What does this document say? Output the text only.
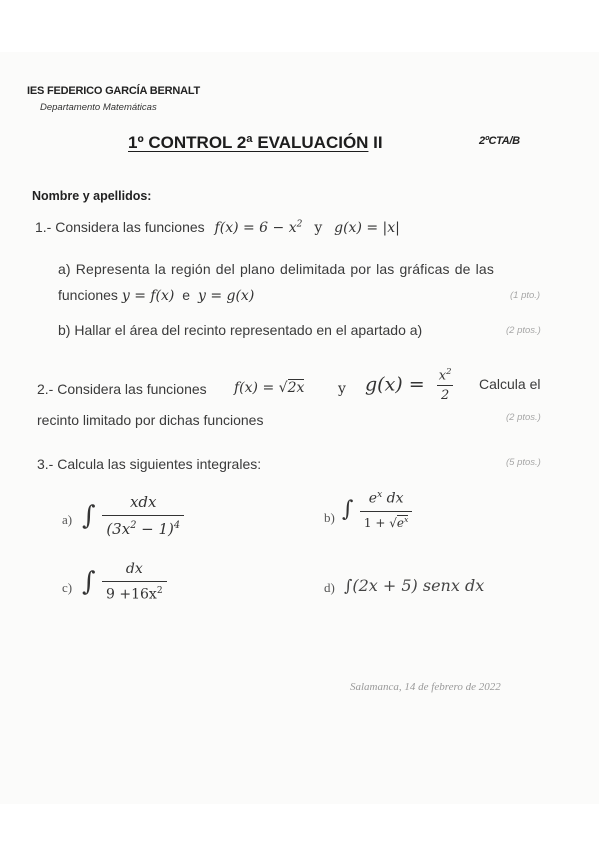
IES FEDERICO GARCÍA BERNALT
Departamento Matemáticas
1º CONTROL 2ª EVALUACIÓN II	2ºCTA/B
Nombre y apellidos:
1.- Considera las funciones $f(x) = 6 - x^2$ y g(x) = |x|
a) Representa la región del plano delimitada por las gráficas de las
funciones y = f(x) e y = g(x)	(1 pto.)
b) Hallar el área del recinto representado en el apartado a)	(2 ptos.)
2.- Considera las funciones f(x) = √2x y $g(x) = \frac{x^2}{2}$ Calcula el
recinto limitado por dichas funciones	(2 ptos.)
3.- Calcula las siguientes integrales:	(5 ptos.)
a) ∫ $\frac{\text{xdx}}{(3x^2 - 1)^4}$	b) ∫ $\frac{e^x dx}{1 + √e^x}$
c) ∫ $\frac{dx}{9 +16x^2}$	d) ∫(2x + 5) senx dx
Salamanca, 14 de febrero de 2022
